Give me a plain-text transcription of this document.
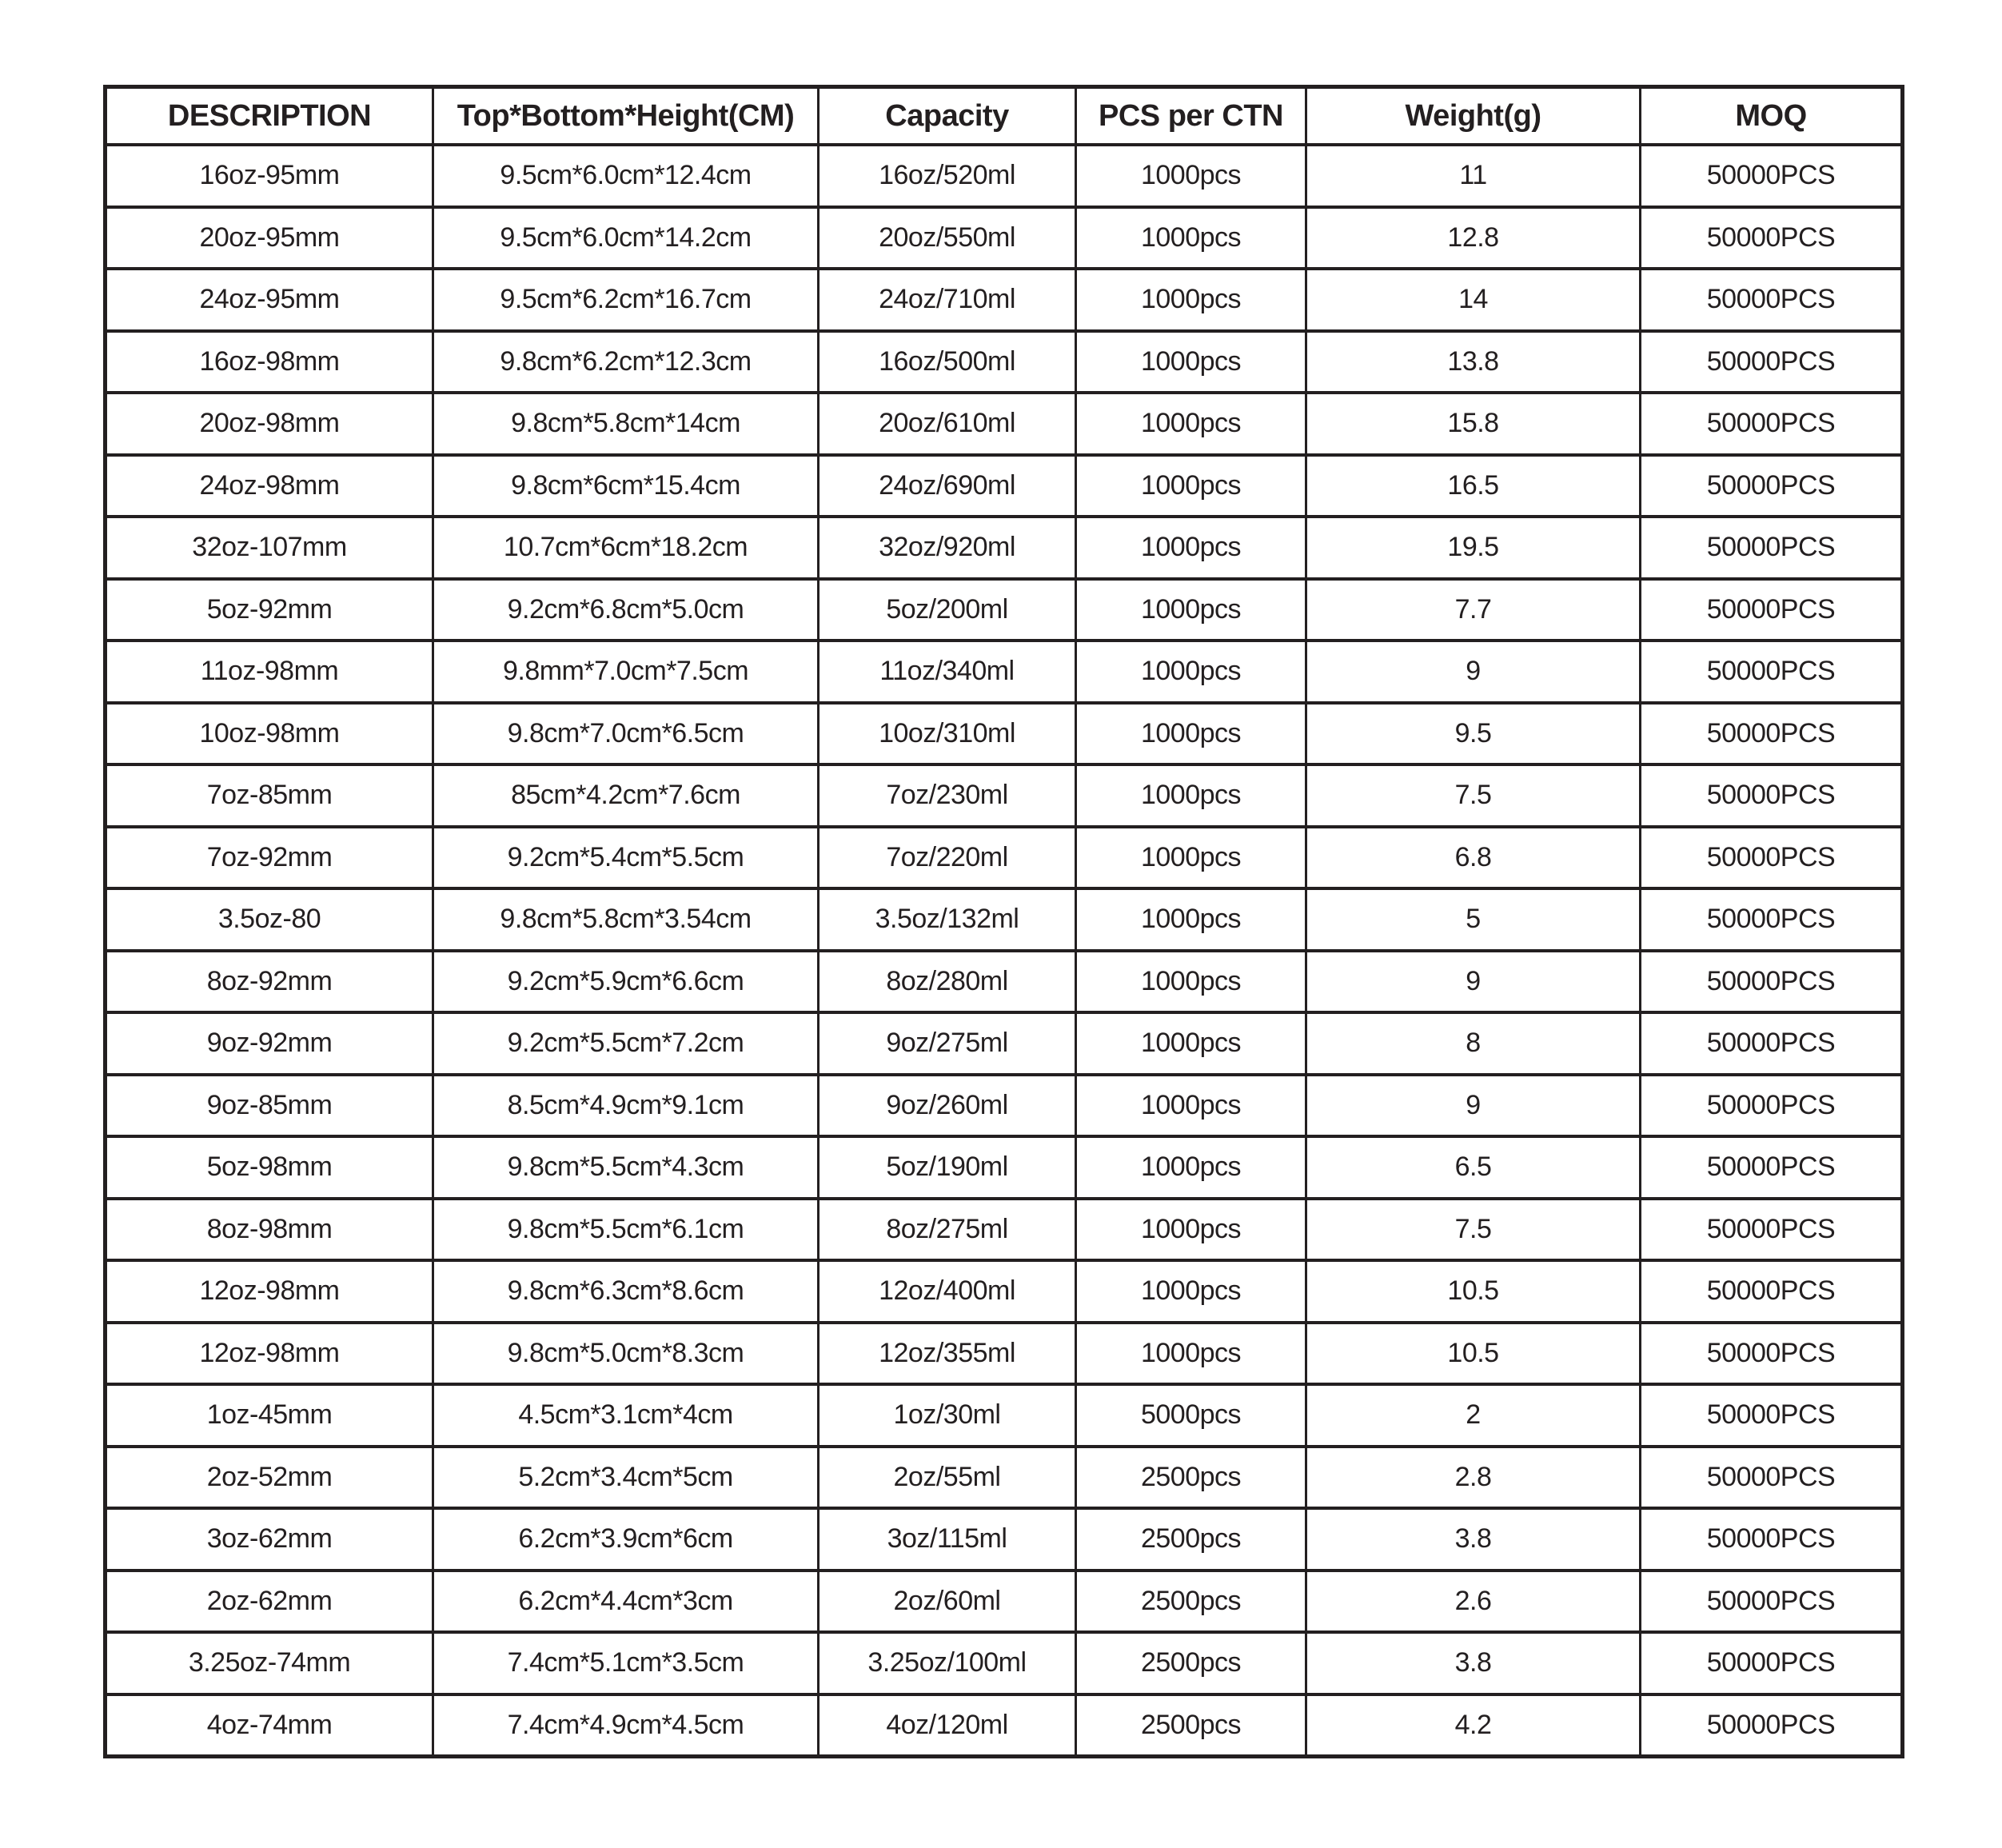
DESCRIPTION	Top*Bottom*Height(CM)	Capacity	PCS per CTN	Weight(g)	MOQ
16oz-95mm	9.5cm*6.0cm*12.4cm	16oz/520ml	1000pcs	11	50000PCS
20oz-95mm	9.5cm*6.0cm*14.2cm	20oz/550ml	1000pcs	12.8	50000PCS
24oz-95mm	9.5cm*6.2cm*16.7cm	24oz/710ml	1000pcs	14	50000PCS
16oz-98mm	9.8cm*6.2cm*12.3cm	16oz/500ml	1000pcs	13.8	50000PCS
20oz-98mm	9.8cm*5.8cm*14cm	20oz/610ml	1000pcs	15.8	50000PCS
24oz-98mm	9.8cm*6cm*15.4cm	24oz/690ml	1000pcs	16.5	50000PCS
32oz-107mm	10.7cm*6cm*18.2cm	32oz/920ml	1000pcs	19.5	50000PCS
5oz-92mm	9.2cm*6.8cm*5.0cm	5oz/200ml	1000pcs	7.7	50000PCS
11oz-98mm	9.8mm*7.0cm*7.5cm	11oz/340ml	1000pcs	9	50000PCS
10oz-98mm	9.8cm*7.0cm*6.5cm	10oz/310ml	1000pcs	9.5	50000PCS
7oz-85mm	85cm*4.2cm*7.6cm	7oz/230ml	1000pcs	7.5	50000PCS
7oz-92mm	9.2cm*5.4cm*5.5cm	7oz/220ml	1000pcs	6.8	50000PCS
3.5oz-80	9.8cm*5.8cm*3.54cm	3.5oz/132ml	1000pcs	5	50000PCS
8oz-92mm	9.2cm*5.9cm*6.6cm	8oz/280ml	1000pcs	9	50000PCS
9oz-92mm	9.2cm*5.5cm*7.2cm	9oz/275ml	1000pcs	8	50000PCS
9oz-85mm	8.5cm*4.9cm*9.1cm	9oz/260ml	1000pcs	9	50000PCS
5oz-98mm	9.8cm*5.5cm*4.3cm	5oz/190ml	1000pcs	6.5	50000PCS
8oz-98mm	9.8cm*5.5cm*6.1cm	8oz/275ml	1000pcs	7.5	50000PCS
12oz-98mm	9.8cm*6.3cm*8.6cm	12oz/400ml	1000pcs	10.5	50000PCS
12oz-98mm	9.8cm*5.0cm*8.3cm	12oz/355ml	1000pcs	10.5	50000PCS
1oz-45mm	4.5cm*3.1cm*4cm	1oz/30ml	5000pcs	2	50000PCS
2oz-52mm	5.2cm*3.4cm*5cm	2oz/55ml	2500pcs	2.8	50000PCS
3oz-62mm	6.2cm*3.9cm*6cm	3oz/115ml	2500pcs	3.8	50000PCS
2oz-62mm	6.2cm*4.4cm*3cm	2oz/60ml	2500pcs	2.6	50000PCS
3.25oz-74mm	7.4cm*5.1cm*3.5cm	3.25oz/100ml	2500pcs	3.8	50000PCS
4oz-74mm	7.4cm*4.9cm*4.5cm	4oz/120ml	2500pcs	4.2	50000PCS
